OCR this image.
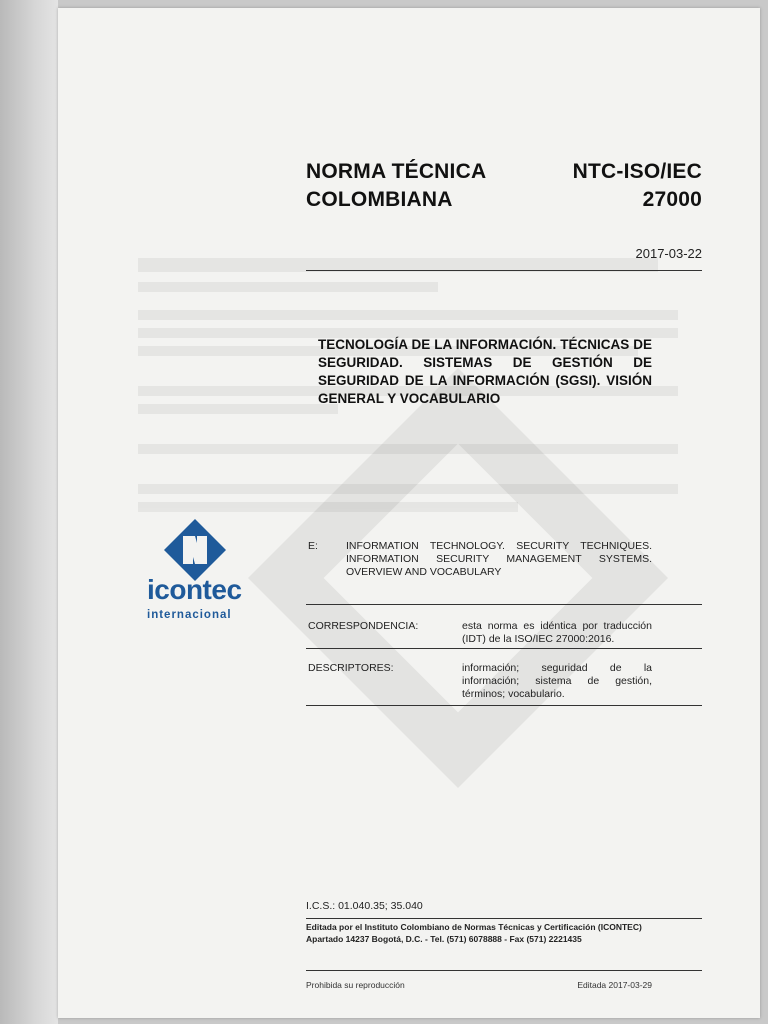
NORMA TÉCNICA	NTC-ISO/IEC
COLOMBIANA	27000
2017-03-22
TECNOLOGÍA DE LA INFORMACIÓN. TÉCNICAS DE SEGURIDAD. SISTEMAS DE GESTIÓN DE SEGURIDAD DE LA INFORMACIÓN (SGSI). VISIÓN GENERAL Y VOCABULARIO
icontec
internacional
E:	INFORMATION TECHNOLOGY. SECURITY TECHNIQUES. INFORMATION SECURITY MANAGEMENT SYSTEMS. OVERVIEW AND VOCABULARY
CORRESPONDENCIA:	esta norma es idéntica por traducción (IDT) de la ISO/IEC 27000:2016.
DESCRIPTORES:	información; seguridad de la información; sistema de gestión, términos; vocabulario.
I.C.S.: 01.040.35; 35.040
Editada por el Instituto Colombiano de Normas Técnicas y Certificación (ICONTEC)
Apartado 14237 Bogotá, D.C. - Tel. (571) 6078888 - Fax (571) 2221435
Prohibida su reproducción	Editada 2017-03-29
